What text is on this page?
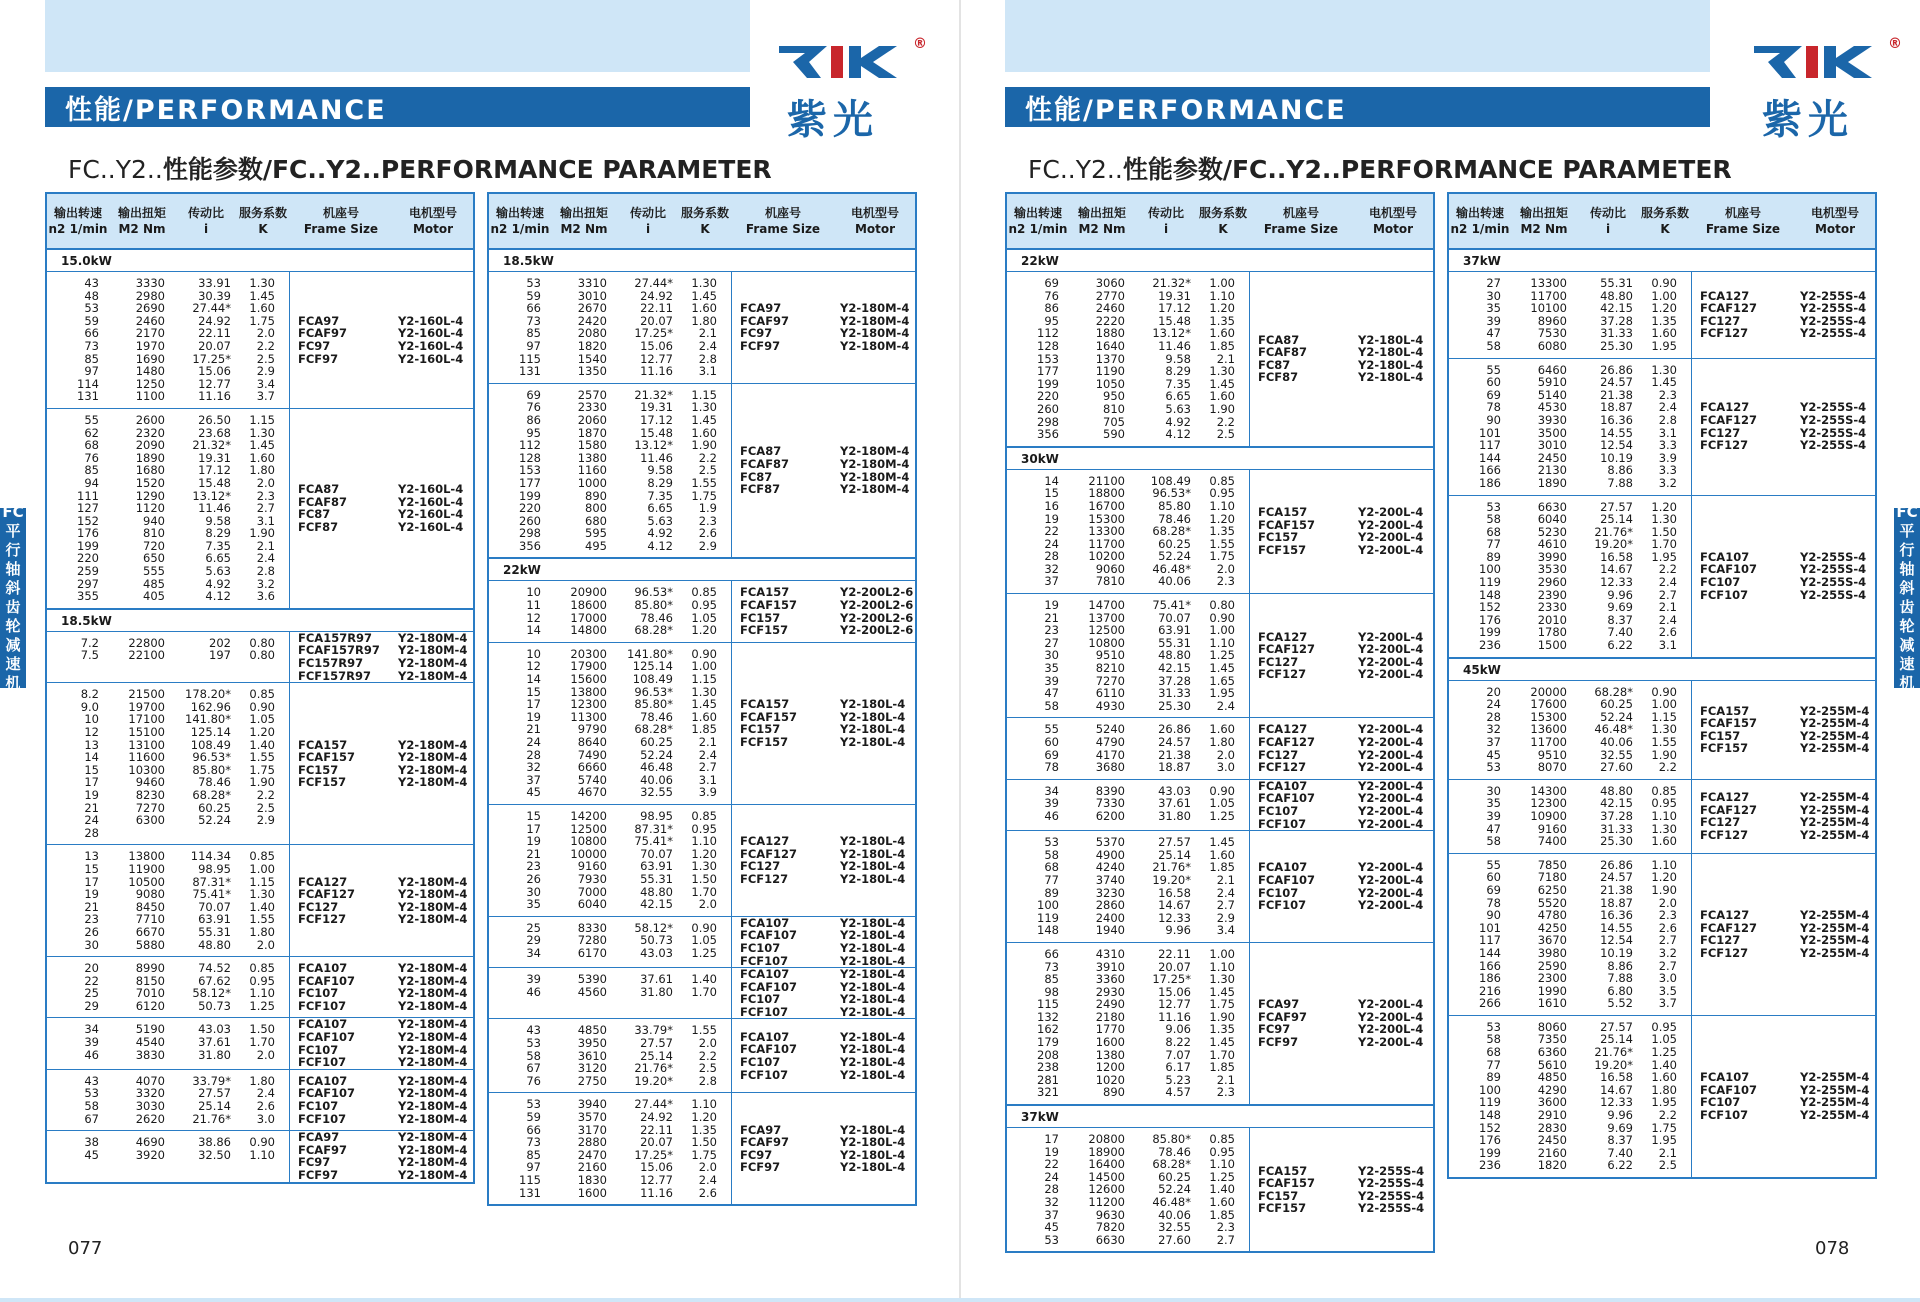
性能/PERFORMANCE
®
紫光
FC..Y2..性能参数/FC..Y2..PERFORMANCE PARAMETER
FC
平
行
轴
斜
齿
轮
减
速
机
077
输出转速
n2 1/min
输出扭矩
M2 Nm
传动比
i
服务系数
K
机座号
Frame Size
电机型号
Motor
15.0kW
43
48
53
59
66
73
85
97
114
131
3330
2980
2690
2460
2170
1970
1690
1480
1250
1100
33.91
30.39
27.44*
24.92
22.11
20.07
17.25*
15.06
12.77
11.16
1.30
1.45
1.60
1.75
2.0
2.2
2.5
2.9
3.4
3.7
FCA97
FCAF97
FC97
FCF97
Y2-160L-4
Y2-160L-4
Y2-160L-4
Y2-160L-4
55
62
68
76
85
94
111
127
152
176
199
220
259
297
355
2600
2320
2090
1890
1680
1520
1290
1120
940
810
720
650
555
485
405
26.50
23.68
21.32*
19.31
17.12
15.48
13.12*
11.46
9.58
8.29
7.35
6.65
5.63
4.92
4.12
1.15
1.30
1.45
1.60
1.80
2.0
2.3
2.7
3.1
1.90
2.1
2.4
2.8
3.2
3.6
FCA87
FCAF87
FC87
FCF87
Y2-160L-4
Y2-160L-4
Y2-160L-4
Y2-160L-4
18.5kW
7.2
7.5
22800
22100
202
197
0.80
0.80
FCA157R97
FCAF157R97
FC157R97
FCF157R97
Y2-180M-4
Y2-180M-4
Y2-180M-4
Y2-180M-4
8.2
9.0
10
12
13
14
15
17
19
21
24
28
21500
19700
17100
15100
13100
11600
10300
9460
8230
7270
6300

178.20*
162.96
141.80*
125.14
108.49
96.53*
85.80*
78.46
68.28*
60.25
52.24

0.85
0.90
1.05
1.20
1.40
1.55
1.75
1.90
2.2
2.5
2.9

FCA157
FCAF157
FC157
FCF157
Y2-180M-4
Y2-180M-4
Y2-180M-4
Y2-180M-4
13
15
17
19
21
23
26
30
13800
11900
10500
9080
8450
7710
6670
5880
114.34
98.95
87.31*
75.41*
70.07
63.91
55.31
48.80
0.85
1.00
1.15
1.30
1.40
1.55
1.80
2.0
FCA127
FCAF127
FC127
FCF127
Y2-180M-4
Y2-180M-4
Y2-180M-4
Y2-180M-4
20
22
25
29
8990
8150
7010
6120
74.52
67.62
58.12*
50.73
0.85
0.95
1.10
1.25
FCA107
FCAF107
FC107
FCF107
Y2-180M-4
Y2-180M-4
Y2-180M-4
Y2-180M-4
34
39
46
5190
4540
3830
43.03
37.61
31.80
1.50
1.70
2.0
FCA107
FCAF107
FC107
FCF107
Y2-180M-4
Y2-180M-4
Y2-180M-4
Y2-180M-4
43
53
58
67
4070
3320
3030
2620
33.79*
27.57
25.14
21.76*
1.80
2.4
2.6
3.0
FCA107
FCAF107
FC107
FCF107
Y2-180M-4
Y2-180M-4
Y2-180M-4
Y2-180M-4
38
45
4690
3920
38.86
32.50
0.90
1.10
FCA97
FCAF97
FC97
FCF97
Y2-180M-4
Y2-180M-4
Y2-180M-4
Y2-180M-4
输出转速
n2 1/min
输出扭矩
M2 Nm
传动比
i
服务系数
K
机座号
Frame Size
电机型号
Motor
18.5kW
53
59
66
73
85
97
115
131
3310
3010
2670
2420
2080
1820
1540
1350
27.44*
24.92
22.11
20.07
17.25*
15.06
12.77
11.16
1.30
1.45
1.60
1.80
2.1
2.4
2.8
3.1
FCA97
FCAF97
FC97
FCF97
Y2-180M-4
Y2-180M-4
Y2-180M-4
Y2-180M-4
69
76
86
95
112
128
153
177
199
220
260
298
356
2570
2330
2060
1870
1580
1380
1160
1000
890
800
680
595
495
21.32*
19.31
17.12
15.48
13.12*
11.46
9.58
8.29
7.35
6.65
5.63
4.92
4.12
1.15
1.30
1.45
1.60
1.90
2.2
2.5
1.55
1.75
1.9
2.3
2.6
2.9
FCA87
FCAF87
FC87
FCF87
Y2-180M-4
Y2-180M-4
Y2-180M-4
Y2-180M-4
22kW
10
11
12
14
20900
18600
17000
14800
96.53*
85.80*
78.46
68.28*
0.85
0.95
1.05
1.20
FCA157
FCAF157
FC157
FCF157
Y2-200L2-6
Y2-200L2-6
Y2-200L2-6
Y2-200L2-6
10
12
14
15
17
19
21
24
28
32
37
45
20300
17900
15600
13800
12300
11300
9790
8640
7490
6660
5740
4670
141.80*
125.14
108.49
96.53*
85.80*
78.46
68.28*
60.25
52.24
46.48
40.06
32.55
0.90
1.00
1.15
1.30
1.45
1.60
1.85
2.1
2.4
2.7
3.1
3.9
FCA157
FCAF157
FC157
FCF157
Y2-180L-4
Y2-180L-4
Y2-180L-4
Y2-180L-4
15
17
19
21
23
26
30
35
14200
12500
10800
10000
9160
7930
7000
6040
98.95
87.31*
75.41*
70.07
63.91
55.31
48.80
42.15
0.85
0.95
1.10
1.20
1.30
1.50
1.70
2.0
FCA127
FCAF127
FC127
FCF127
Y2-180L-4
Y2-180L-4
Y2-180L-4
Y2-180L-4
25
29
34
8330
7280
6170
58.12*
50.73
43.03
0.90
1.05
1.25
FCA107
FCAF107
FC107
FCF107
Y2-180L-4
Y2-180L-4
Y2-180L-4
Y2-180L-4
39
46
5390
4560
37.61
31.80
1.40
1.70
FCA107
FCAF107
FC107
FCF107
Y2-180L-4
Y2-180L-4
Y2-180L-4
Y2-180L-4
43
53
58
67
76
4850
3950
3610
3120
2750
33.79*
27.57
25.14
21.76*
19.20*
1.55
2.0
2.2
2.5
2.8
FCA107
FCAF107
FC107
FCF107
Y2-180L-4
Y2-180L-4
Y2-180L-4
Y2-180L-4
53
59
66
73
85
97
115
131
3940
3570
3170
2880
2470
2160
1830
1600
27.44*
24.92
22.11
20.07
17.25*
15.06
12.77
11.16
1.10
1.20
1.35
1.50
1.75
2.0
2.4
2.6
FCA97
FCAF97
FC97
FCF97
Y2-180L-4
Y2-180L-4
Y2-180L-4
Y2-180L-4
性能/PERFORMANCE
®
紫光
FC..Y2..性能参数/FC..Y2..PERFORMANCE PARAMETER
FC
平
行
轴
斜
齿
轮
减
速
机
078
输出转速
n2 1/min
输出扭矩
M2 Nm
传动比
i
服务系数
K
机座号
Frame Size
电机型号
Motor
22kW
69
76
86
95
112
128
153
177
199
220
260
298
356
3060
2770
2460
2220
1880
1640
1370
1190
1050
950
810
705
590
21.32*
19.31
17.12
15.48
13.12*
11.46
9.58
8.29
7.35
6.65
5.63
4.92
4.12
1.00
1.10
1.20
1.35
1.60
1.85
2.1
1.30
1.45
1.60
1.90
2.2
2.5
FCA87
FCAF87
FC87
FCF87
Y2-180L-4
Y2-180L-4
Y2-180L-4
Y2-180L-4
30kW
14
15
16
19
22
24
28
32
37
21100
18800
16700
15300
13300
11700
10200
9060
7810
108.49
96.53*
85.80
78.46
68.28*
60.25
52.24
46.48*
40.06
0.85
0.95
1.10
1.20
1.35
1.55
1.75
2.0
2.3
FCA157
FCAF157
FC157
FCF157
Y2-200L-4
Y2-200L-4
Y2-200L-4
Y2-200L-4
19
21
23
27
30
35
39
47
58
14700
13700
12500
10800
9510
8210
7270
6110
4930
75.41*
70.07
63.91
55.31
48.80
42.15
37.28
31.33
25.30
0.80
0.90
1.00
1.10
1.25
1.45
1.65
1.95
2.4
FCA127
FCAF127
FC127
FCF127
Y2-200L-4
Y2-200L-4
Y2-200L-4
Y2-200L-4
55
60
69
78
5240
4790
4170
3680
26.86
24.57
21.38
18.87
1.60
1.80
2.0
3.0
FCA127
FCAF127
FC127
FCF127
Y2-200L-4
Y2-200L-4
Y2-200L-4
Y2-200L-4
34
39
46
8390
7330
6200
43.03
37.61
31.80
0.90
1.05
1.25
FCA107
FCAF107
FC107
FCF107
Y2-200L-4
Y2-200L-4
Y2-200L-4
Y2-200L-4
53
58
68
77
89
100
119
148
5370
4900
4240
3740
3230
2860
2400
1940
27.57
25.14
21.76*
19.20*
16.58
14.67
12.33
9.96
1.45
1.60
1.85
2.1
2.4
2.7
2.9
3.4
FCA107
FCAF107
FC107
FCF107
Y2-200L-4
Y2-200L-4
Y2-200L-4
Y2-200L-4
66
73
85
98
115
132
162
179
208
238
281
321
4310
3910
3360
2930
2490
2180
1770
1600
1380
1200
1020
890
22.11
20.07
17.25*
15.06
12.77
11.16
9.06
8.22
7.07
6.17
5.23
4.57
1.00
1.10
1.30
1.45
1.75
1.90
1.35
1.45
1.70
1.85
2.1
2.3
FCA97
FCAF97
FC97
FCF97
Y2-200L-4
Y2-200L-4
Y2-200L-4
Y2-200L-4
37kW
17
19
22
24
28
32
37
45
53
20800
18900
16400
14500
12600
11200
9630
7820
6630
85.80*
78.46
68.28*
60.25
52.24
46.48*
40.06
32.55
27.60
0.85
0.95
1.10
1.25
1.40
1.60
1.85
2.3
2.7
FCA157
FCAF157
FC157
FCF157
Y2-255S-4
Y2-255S-4
Y2-255S-4
Y2-255S-4
输出转速
n2 1/min
输出扭矩
M2 Nm
传动比
i
服务系数
K
机座号
Frame Size
电机型号
Motor
37kW
27
30
35
39
47
58
13300
11700
10100
8960
7530
6080
55.31
48.80
42.15
37.28
31.33
25.30
0.90
1.00
1.20
1.35
1.60
1.95
FCA127
FCAF127
FC127
FCF127
Y2-255S-4
Y2-255S-4
Y2-255S-4
Y2-255S-4
55
60
69
78
90
101
117
144
166
186
6460
5910
5140
4530
3930
3500
3010
2450
2130
1890
26.86
24.57
21.38
18.87
16.36
14.55
12.54
10.19
8.86
7.88
1.30
1.45
2.3
2.4
2.8
3.1
3.3
3.9
3.3
3.2
FCA127
FCAF127
FC127
FCF127
Y2-255S-4
Y2-255S-4
Y2-255S-4
Y2-255S-4
53
58
68
77
89
100
119
148
152
176
199
236
6630
6040
5230
4610
3990
3530
2960
2390
2330
2010
1780
1500
27.57
25.14
21.76*
19.20*
16.58
14.67
12.33
9.96
9.69
8.37
7.40
6.22
1.20
1.30
1.50
1.70
1.95
2.2
2.4
2.7
2.1
2.4
2.6
3.1
FCA107
FCAF107
FC107
FCF107
Y2-255S-4
Y2-255S-4
Y2-255S-4
Y2-255S-4
45kW
20
24
28
32
37
45
53
20000
17600
15300
13600
11700
9510
8070
68.28*
60.25
52.24
46.48*
40.06
32.55
27.60
0.90
1.00
1.15
1.30
1.55
1.90
2.2
FCA157
FCAF157
FC157
FCF157
Y2-255M-4
Y2-255M-4
Y2-255M-4
Y2-255M-4
30
35
39
47
58
14300
12300
10900
9160
7400
48.80
42.15
37.28
31.33
25.30
0.85
0.95
1.10
1.30
1.60
FCA127
FCAF127
FC127
FCF127
Y2-255M-4
Y2-255M-4
Y2-255M-4
Y2-255M-4
55
60
69
78
90
101
117
144
166
186
216
266
7850
7180
6250
5520
4780
4250
3670
3980
2590
2300
1990
1610
26.86
24.57
21.38
18.87
16.36
14.55
12.54
10.19
8.86
7.88
6.80
5.52
1.10
1.20
1.90
2.0
2.3
2.6
2.7
3.2
2.7
3.0
3.5
3.7
FCA127
FCAF127
FC127
FCF127
Y2-255M-4
Y2-255M-4
Y2-255M-4
Y2-255M-4
53
58
68
77
89
100
119
148
152
176
199
236
8060
7350
6360
5610
4850
4290
3600
2910
2830
2450
2160
1820
27.57
25.14
21.76*
19.20*
16.58
14.67
12.33
9.96
9.69
8.37
7.40
6.22
0.95
1.05
1.25
1.40
1.60
1.80
1.95
2.2
1.75
1.95
2.1
2.5
FCA107
FCAF107
FC107
FCF107
Y2-255M-4
Y2-255M-4
Y2-255M-4
Y2-255M-4
